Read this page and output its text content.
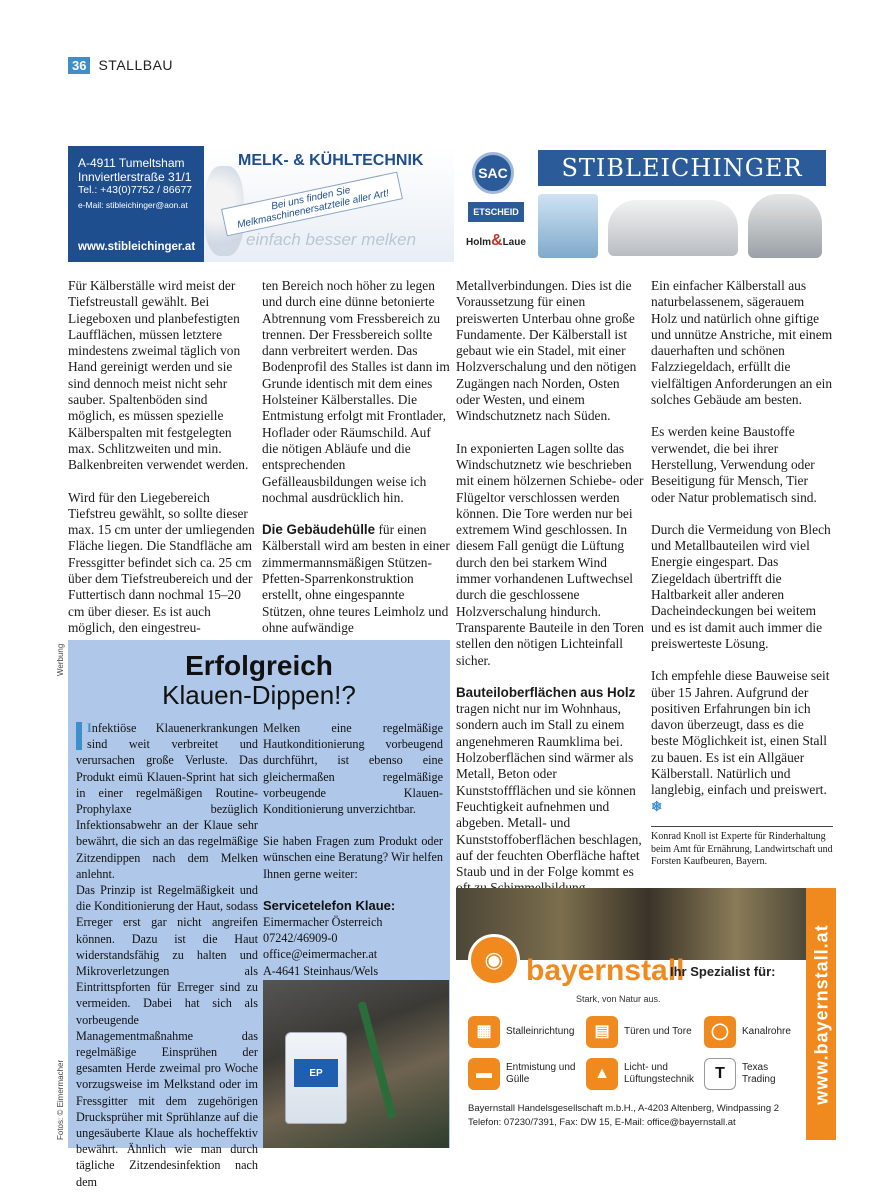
36 STALLBAU
A-4911 Tumeltsham
Innviertlerstraße 31/1
Tel.: +43(0)7752 / 86677
e-Mail: stibleichinger@aon.at
www.stibleichinger.at
MELK- & KÜHLTECHNIK
Bei uns finden Sie Melkmaschinenersatzteile aller Art!
einfach besser melken
SAC	STIBLEICHINGER
ETSCHEID
Holm&Laue

Für Kälberställe wird meist der Tiefstreustall gewählt. Bei Liegeboxen und planbefestigten Laufflächen, müssen letztere mindestens zweimal täglich von Hand gereinigt werden und sie sind dennoch meist nicht sehr sauber. Spaltenböden sind möglich, es müssen spezielle Kälberspalten mit festgelegten max. Schlitzweiten und min. Balkenbreiten verwendet werden.

Wird für den Liegebereich Tiefstreu gewählt, so sollte dieser max. 15 cm unter der umliegenden Fläche liegen. Die Standfläche am Fressgitter befindet sich ca. 25 cm über dem Tiefstreubereich und der Futtertisch dann nochmal 15–20 cm über dieser. Es ist auch möglich, den eingestreu-

ten Bereich noch höher zu legen und durch eine dünne betonierte Abtrennung vom Fressbereich zu trennen. Der Fressbereich sollte dann verbreitert werden. Das Bodenprofil des Stalles ist dann im Grunde identisch mit dem eines Holsteiner Kälberstalles. Die Entmistung erfolgt mit Frontlader, Hoflader oder Räumschild. Auf die nötigen Abläufe und die entsprechenden Gefälleausbildungen weise ich nochmal ausdrücklich hin.

Die Gebäudehülle für einen Kälberstall wird am besten in einer zimmermannsmäßigen Stützen-Pfetten-Sparrenkonstruktion erstellt, ohne eingespannte Stützen, ohne teures Leimholz und ohne aufwändige

Metallverbindungen. Dies ist die Voraussetzung für einen preiswerten Unterbau ohne große Fundamente. Der Kälberstall ist gebaut wie ein Stadel, mit einer Holzverschalung und den nötigen Zugängen nach Norden, Osten oder Westen, und einem Windschutznetz nach Süden.

In exponierten Lagen sollte das Windschutznetz wie beschrieben mit einem hölzernen Schiebe- oder Flügeltor verschlossen werden können. Die Tore werden nur bei extremem Wind geschlossen. In diesem Fall genügt die Lüftung durch den bei starkem Wind immer vorhandenen Luftwechsel durch die geschlossene Holzverschalung hindurch. Transparente Bauteile in den Toren stellen den nötigen Lichteinfall sicher.

Bauteiloberflächen aus Holz

tragen nicht nur im Wohnhaus, sondern auch im Stall zu einem angenehmeren Raumklima bei. Holzoberflächen sind wärmer als Metall, Beton oder Kunststoffflächen und sie können Feuchtigkeit aufnehmen und abgeben. Metall- und Kunststoffoberflächen beschlagen, auf der feuchten Oberfläche haftet Staub und in der Folge kommt es

Ein einfacher Kälberstall aus naturbelassenem, sägerauem Holz und natürlich ohne giftige und unnütze Anstriche, mit einem dauerhaften und schönen Falzziegeldach, erfüllt die vielfältigen Anforderungen an ein solches Gebäude am besten.

Es werden keine Baustoffe verwendet, die bei ihrer Herstellung, Verwendung oder Beseitigung für Mensch, Tier oder Natur problematisch sind.

Durch die Vermeidung von Blech und Metallbauteilen wird viel Energie eingespart. Das Ziegeldach übertrifft die Haltbarkeit aller anderen Dacheindeckungen bei weitem und es ist damit auch immer die preiswerteste Lösung.

Ich empfehle diese Bauweise seit über 15 Jahren. Aufgrund der positiven Erfahrungen bin ich davon überzeugt, dass es die beste Möglichkeit ist, einen Stall zu bauen. Es ist ein Allgäuer Kälberstall. Natürlich und langlebig, einfach und preiswert. ❄

Konrad Knoll ist Experte für Rinderhaltung beim Amt für Ernährung, Landwirtschaft und Forsten Kaufbeuren, Bayern.
Werbung
Fotos: © Eimermacher
Erfolgreich
Klauen-Dippen!?
Infektiöse Klauenerkrankungen sind weit verbreitet und verursachen große Verluste. Das Produkt eimü Klauen-Sprint hat sich in einer regelmäßigen Routine-Prophylaxe bezüglich Infektionsabwehr an der Klaue sehr bewährt, die sich an das regelmäßige Zitzendippen nach dem Melken anlehnt.
Das Prinzip ist Regelmäßigkeit und die Konditionierung der Haut, sodass Erreger erst gar nicht angreifen können. Dazu ist die Haut widerstandsfähig zu halten und Mikroverletzungen als Eintrittspforten für Erreger sind zu vermeiden. Dabei hat sich als vorbeugende Managementmaßnahme das regelmäßige Einsprühen der gesamten Herde zweimal pro Woche vorzugsweise im Melkstand oder im Fressgitter mit dem zugehörigen Drucksprüher mit Sprühlanze auf die ungesäuberte Klaue als hocheffektiv bewährt. Ähnlich wie man durch tägliche Zitzendesinfektion nach dem

Melken eine regelmäßige Hautkonditionierung vorbeugend durchführt, ist ebenso eine gleichermaßen regelmäßige vorbeugende Klauen-Konditionierung unverzichtbar.

Sie haben Fragen zum Produkt oder wünschen eine Beratung? Wir helfen Ihnen gerne weiter:

Servicetelefon Klaue:
Eimermacher Österreich
07242/46909-0
office@eimermacher.at
A-4641 Steinhaus/Wels
EP
◉ bayernstall
Ihr Spezialist für:
Stark, von Natur aus.
▦	Stalleinrichtung	▤	Türen und Tore	◯	Kanalrohre
▬	Entmistung und Gülle	▲	Licht- und Lüftungstechnik	T	Texas Trading
Bayernstall Handelsgesellschaft m.b.H., A-4203 Altenberg, Windpassing 2
Telefon: 07230/7391, Fax: DW 15, E-Mail: office@bayernstall.at
www.bayernstall.at
